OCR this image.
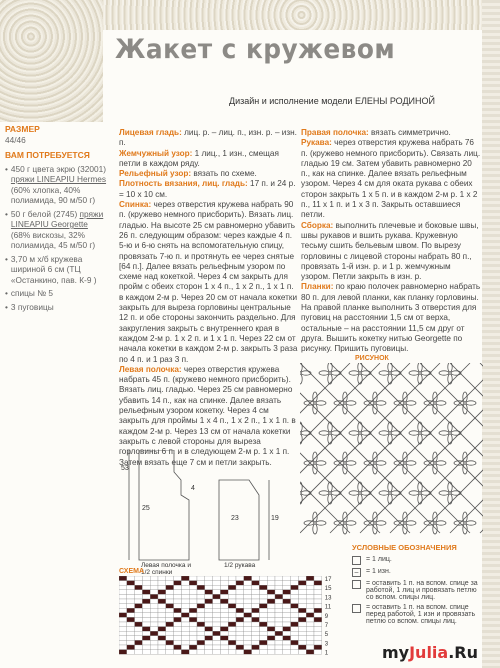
Жакет с кружевом
Дизайн и исполнение модели ЕЛЕНЫ РОДИНОЙ
РАЗМЕР
44/46
ВАМ ПОТРЕБУЕТСЯ
• 450 г цвета экрю (32001) пряжи LINEAPIU Hermes (60% хлопка, 40% полиамида, 90 м/50 г)
• 50 г белой (2745) пряжи LINEAPIU Georgette (68% вискозы, 32% полиамида, 45 м/50 г)
• 3,70 м х/б кружева шириной 6 см (ТЦ «Останкино, пав. К-9 )
• спицы № 5
• 3 пуговицы
Лицевая гладь: лиц. р. – лиц. п., изн. р. – изн. п.
Жемчужный узор: 1 лиц., 1 изн., смещая петли в каждом ряду.
Рельефный узор: вязать по схеме.
Плотность вязания, лиц. гладь: 17 п. и 24 р. = 10 х 10 см.
Спинка: через отверстия кружева набрать 90 п. (кружево немного присборить). Вязать лиц. гладью. На высоте 25 см равномерно убавить 26 п. следующим образом: через каждые 4 п. 5-ю и 6-ю снять на вспомогательную спицу, провязать 7-ю п. и протянуть ее через снятые [64 п.]. Далее вязать рельефным узором по схеме над кокеткой. Через 4 см закрыть для пройм с обеих сторон 1 х 4 п., 1 х 2 п., 1 х 1 п. в каждом 2-м р. Через 20 см от начала кокетки закрыть для выреза горловины центральные 12 п. и обе стороны закончить раздельно. Для закругления закрыть с внутреннего края в каждом 2-м р. 1 х 2 п. и 1 х 1 п. Через 22 см от начала кокетки в каждом 2-м р. закрыть 3 раза по 4 п. и 1 раз 3 п.
Левая полочка: через отверстия кружева набрать 45 п. (кружево немного присборить). Вязать лиц. гладью. Через 25 см равномерно убавить 14 п., как на спинке. Далее вязать рельефным узором кокетку. Через 4 см закрыть для проймы 1 х 4 п., 1 х 2 п., 1 х 1 п. в каждом 2-м р. Через 13 см от начала кокетки закрыть с левой стороны для выреза горловины 6 п. и в следующем 2-м р. 1 х 1 п. Затем вязать еще 7 см и петли закрыть.
Правая полочка: вязать симметрично.
Рукава: через отверстия кружева набрать 76 п. (кружево немного присборить). Связать лиц. гладью 19 см. Затем убавить равномерно 20 п., как на спинке. Далее вязать рельефным узором. Через 4 см для оката рукава с обеих сторон закрыть 1 х 5 п. и в каждом 2-м р. 1 х 2 п., 11 х 1 п. и 1 х 3 п. Закрыть оставшиеся петли.
Сборка: выполнить плечевые и боковые швы, швы рукавов и вшить рукава. Кружевную тесьму сшить бельевым швом. По вырезу горловины с лицевой стороны набрать 80 п., провязать 1-й изн. р. и 1 р. жемчужным узором. Петли закрыть в изн. р.
Планки: по краю полочек равномерно набрать 80 п. для левой планки, как планку горловины. На правой планке выполнить 3 отверстия для пуговиц на расстоянии 1,5 см от верха, остальные – на расстоянии 11,5 см друг от друга. Вышить кокетку нитью Georgette по рисунку. Пришить пуговицы.
РИСУНОК
53
25
4
19
23
Левая полочка и 1/2 спинки
1/2 рукава
СХЕМА
17
15
13
11
9
7
5
3
1
УСЛОВНЫЕ ОБОЗНАЧЕНИЯ
= 1 лиц.
–	= 1 изн.
= оставить 1 п. на вспом. спице за работой, 1 лиц и провязать петлю со вспом. спицы лиц.
= оставить 1 п. на вспом. спице перед работой, 1 изн и провязать петлю со вспом. спицы лиц.
myJulia.Ru
